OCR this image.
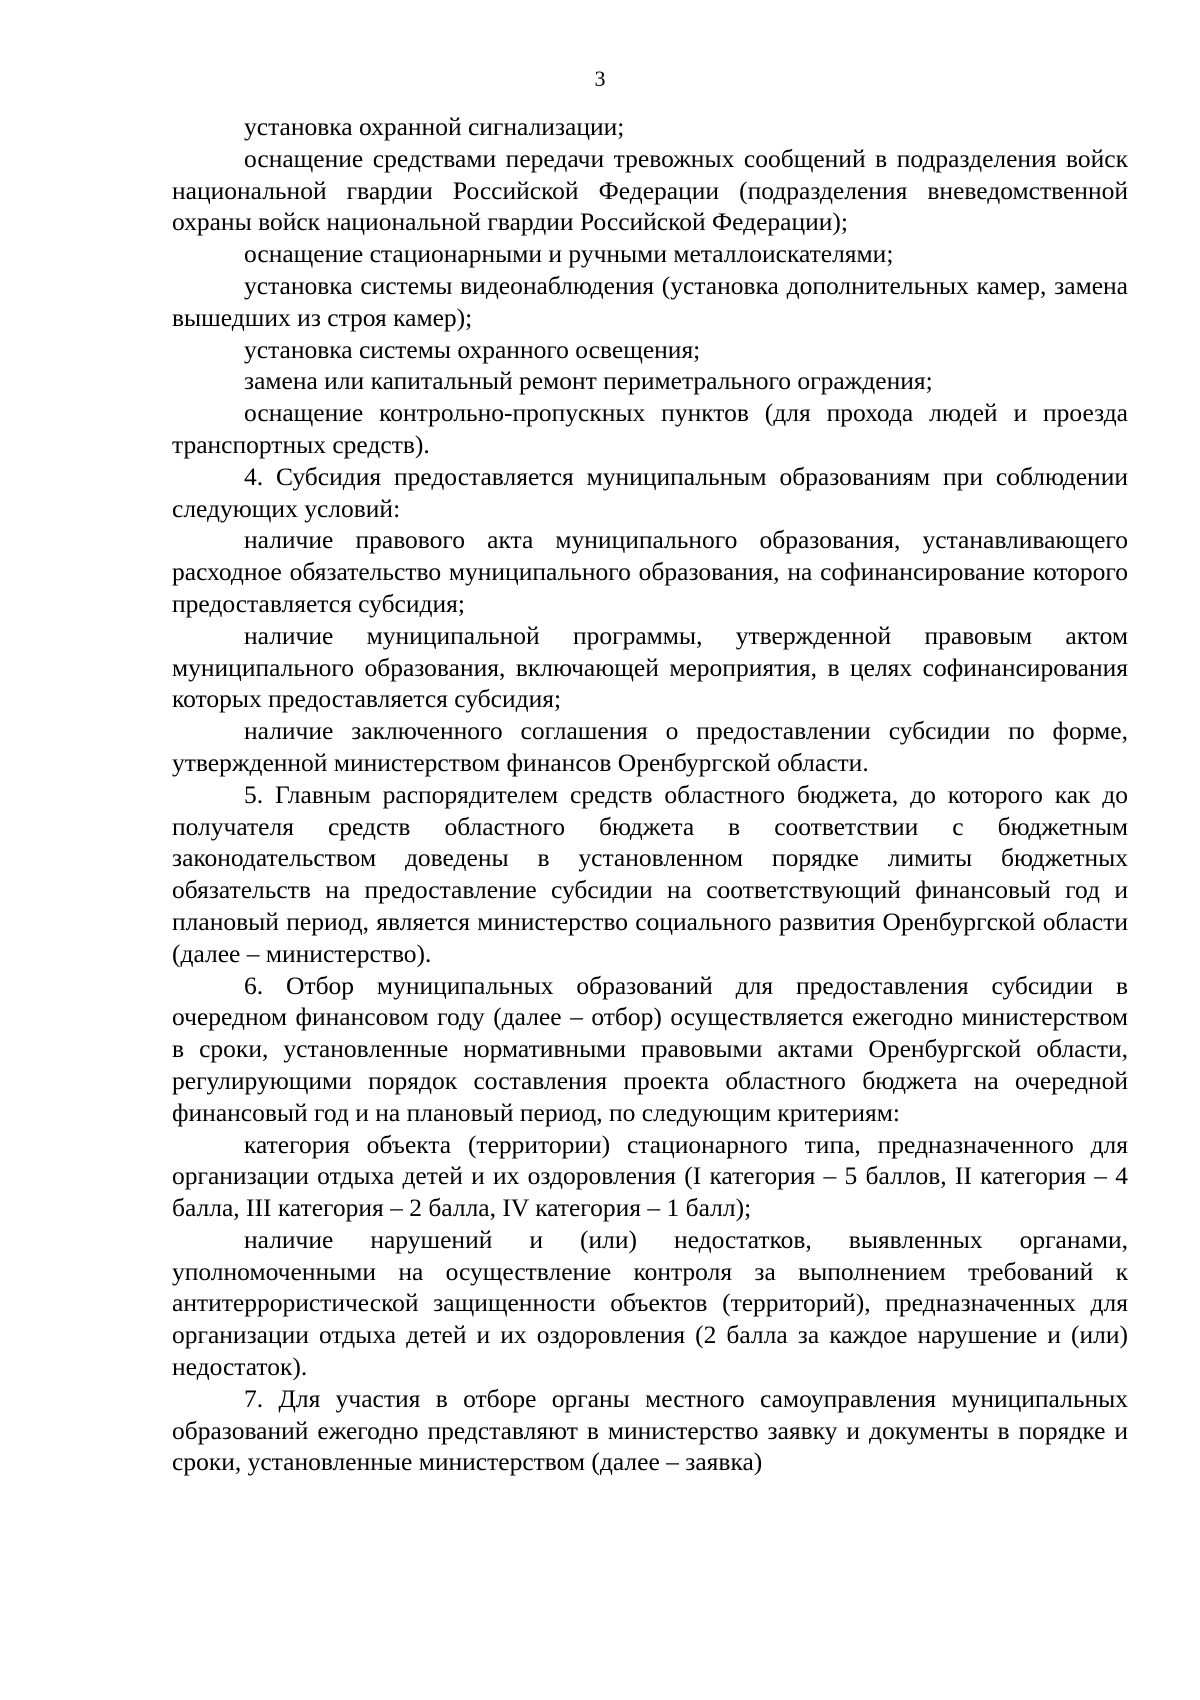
3

установка охранной сигнализации;

оснащение средствами передачи тревожных сообщений в подразделения войск национальной гвардии Российской Федерации (подразделения вневедомственной охраны войск национальной гвардии Российской Федерации);

оснащение стационарными и ручными металлоискателями;

установка системы видеонаблюдения (установка дополнительных камер, замена вышедших из строя камер);

установка системы охранного освещения;

замена или капитальный ремонт периметрального ограждения;

оснащение контрольно-пропускных пунктов (для прохода людей и проезда транспортных средств).

4. Субсидия предоставляется муниципальным образованиям при соблюдении следующих условий:

наличие правового акта муниципального образования, устанавливающего расходное обязательство муниципального образования, на софинансирование которого предоставляется субсидия;

наличие муниципальной программы, утвержденной правовым актом муниципального образования, включающей мероприятия, в целях софинансирования которых предоставляется субсидия;

наличие заключенного соглашения о предоставлении субсидии по форме, утвержденной министерством финансов Оренбургской области.

5. Главным распорядителем средств областного бюджета, до которого как до получателя средств областного бюджета в соответствии с бюджетным законодательством доведены в установленном порядке лимиты бюджетных обязательств на предоставление субсидии на соответствующий финансовый год и плановый период, является министерство социального развития Оренбургской области (далее – министерство).

6. Отбор муниципальных образований для предоставления субсидии в очередном финансовом году (далее – отбор) осуществляется ежегодно министерством в сроки, установленные нормативными правовыми актами Оренбургской области, регулирующими порядок составления проекта областного бюджета на очередной финансовый год и на плановый период, по следующим критериям:

категория объекта (территории) стационарного типа, предназначенного для организации отдыха детей и их оздоровления (I категория – 5 баллов, II категория – 4 балла, III категория – 2 балла, IV категория – 1 балл);

наличие нарушений и (или) недостатков, выявленных органами, уполномоченными на осуществление контроля за выполнением требований к антитеррористической защищенности объектов (территорий), предназначенных для организации отдыха детей и их оздоровления (2 балла за каждое нарушение и (или) недостаток).

7. Для участия в отборе органы местного самоуправления муниципальных образований ежегодно представляют в министерство заявку и документы в порядке и сроки, установленные министерством (далее – заявка)
